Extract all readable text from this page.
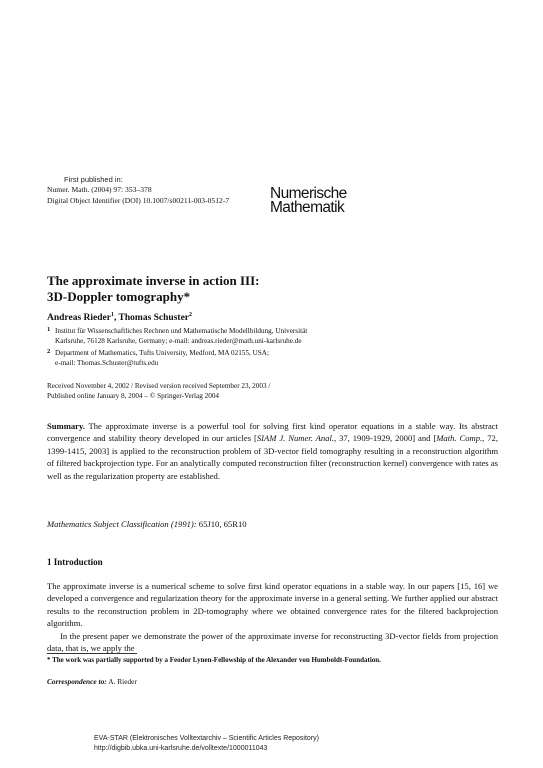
First published in:
Numer. Math. (2004) 97: 353–378
Digital Object Identifier (DOI) 10.1007/s00211-003-0512-7	Numerische
Mathematik
The approximate inverse in action III:
3D-Doppler tomography*
Andreas Rieder$^1$, Thomas Schuster$^2$
1 Institut für Wissenschaftliches Rechnen und Mathematische Modellbildung, Universität
Karlsruhe, 76128 Karlsruhe, Germany; e-mail: andreas.rieder@math.uni-karlsruhe.de
2 Department of Mathematics, Tufts University, Medford, MA 02155, USA;
e-mail: Thomas.Schuster@tufts.edu
Received November 4, 2002 / Revised version received September 23, 2003 /
Published online January 8, 2004 – © Springer-Verlag 2004
Summary. The approximate inverse is a powerful tool for solving first kind operator equations in a stable way. Its abstract convergence and stability theory developed in our articles [SIAM J. Numer. Anal., 37, 1909-1929, 2000] and [Math. Comp., 72, 1399-1415, 2003] is applied to the reconstruction problem of 3D-vector field tomography resulting in a reconstruction algorithm of filtered backprojection type. For an analytically computed reconstruction filter (reconstruction kernel) convergence with rates as well as the regularization property are established.
Mathematics Subject Classification (1991): 65J10, 65R10
1 Introduction
The approximate inverse is a numerical scheme to solve first kind operator equations in a stable way. In our papers [15, 16] we developed a convergence and regularization theory for the approximate inverse in a general setting. We further applied our abstract results to the reconstruction problem in 2D-tomography where we obtained convergence rates for the filtered backprojection algorithm.
In the present paper we demonstrate the power of the approximate inverse for reconstructing 3D-vector fields from projection data, that is, we apply the
* The work was partially supported by a Feodor Lynen-Fellowship of the Alexander von Humboldt-Foundation.
Correspondence to: A. Rieder
EVA-STAR (Elektronisches Volltextarchiv – Scientific Articles Repository)
http://digbib.ubka.uni-karlsruhe.de/volltexte/1000011043
